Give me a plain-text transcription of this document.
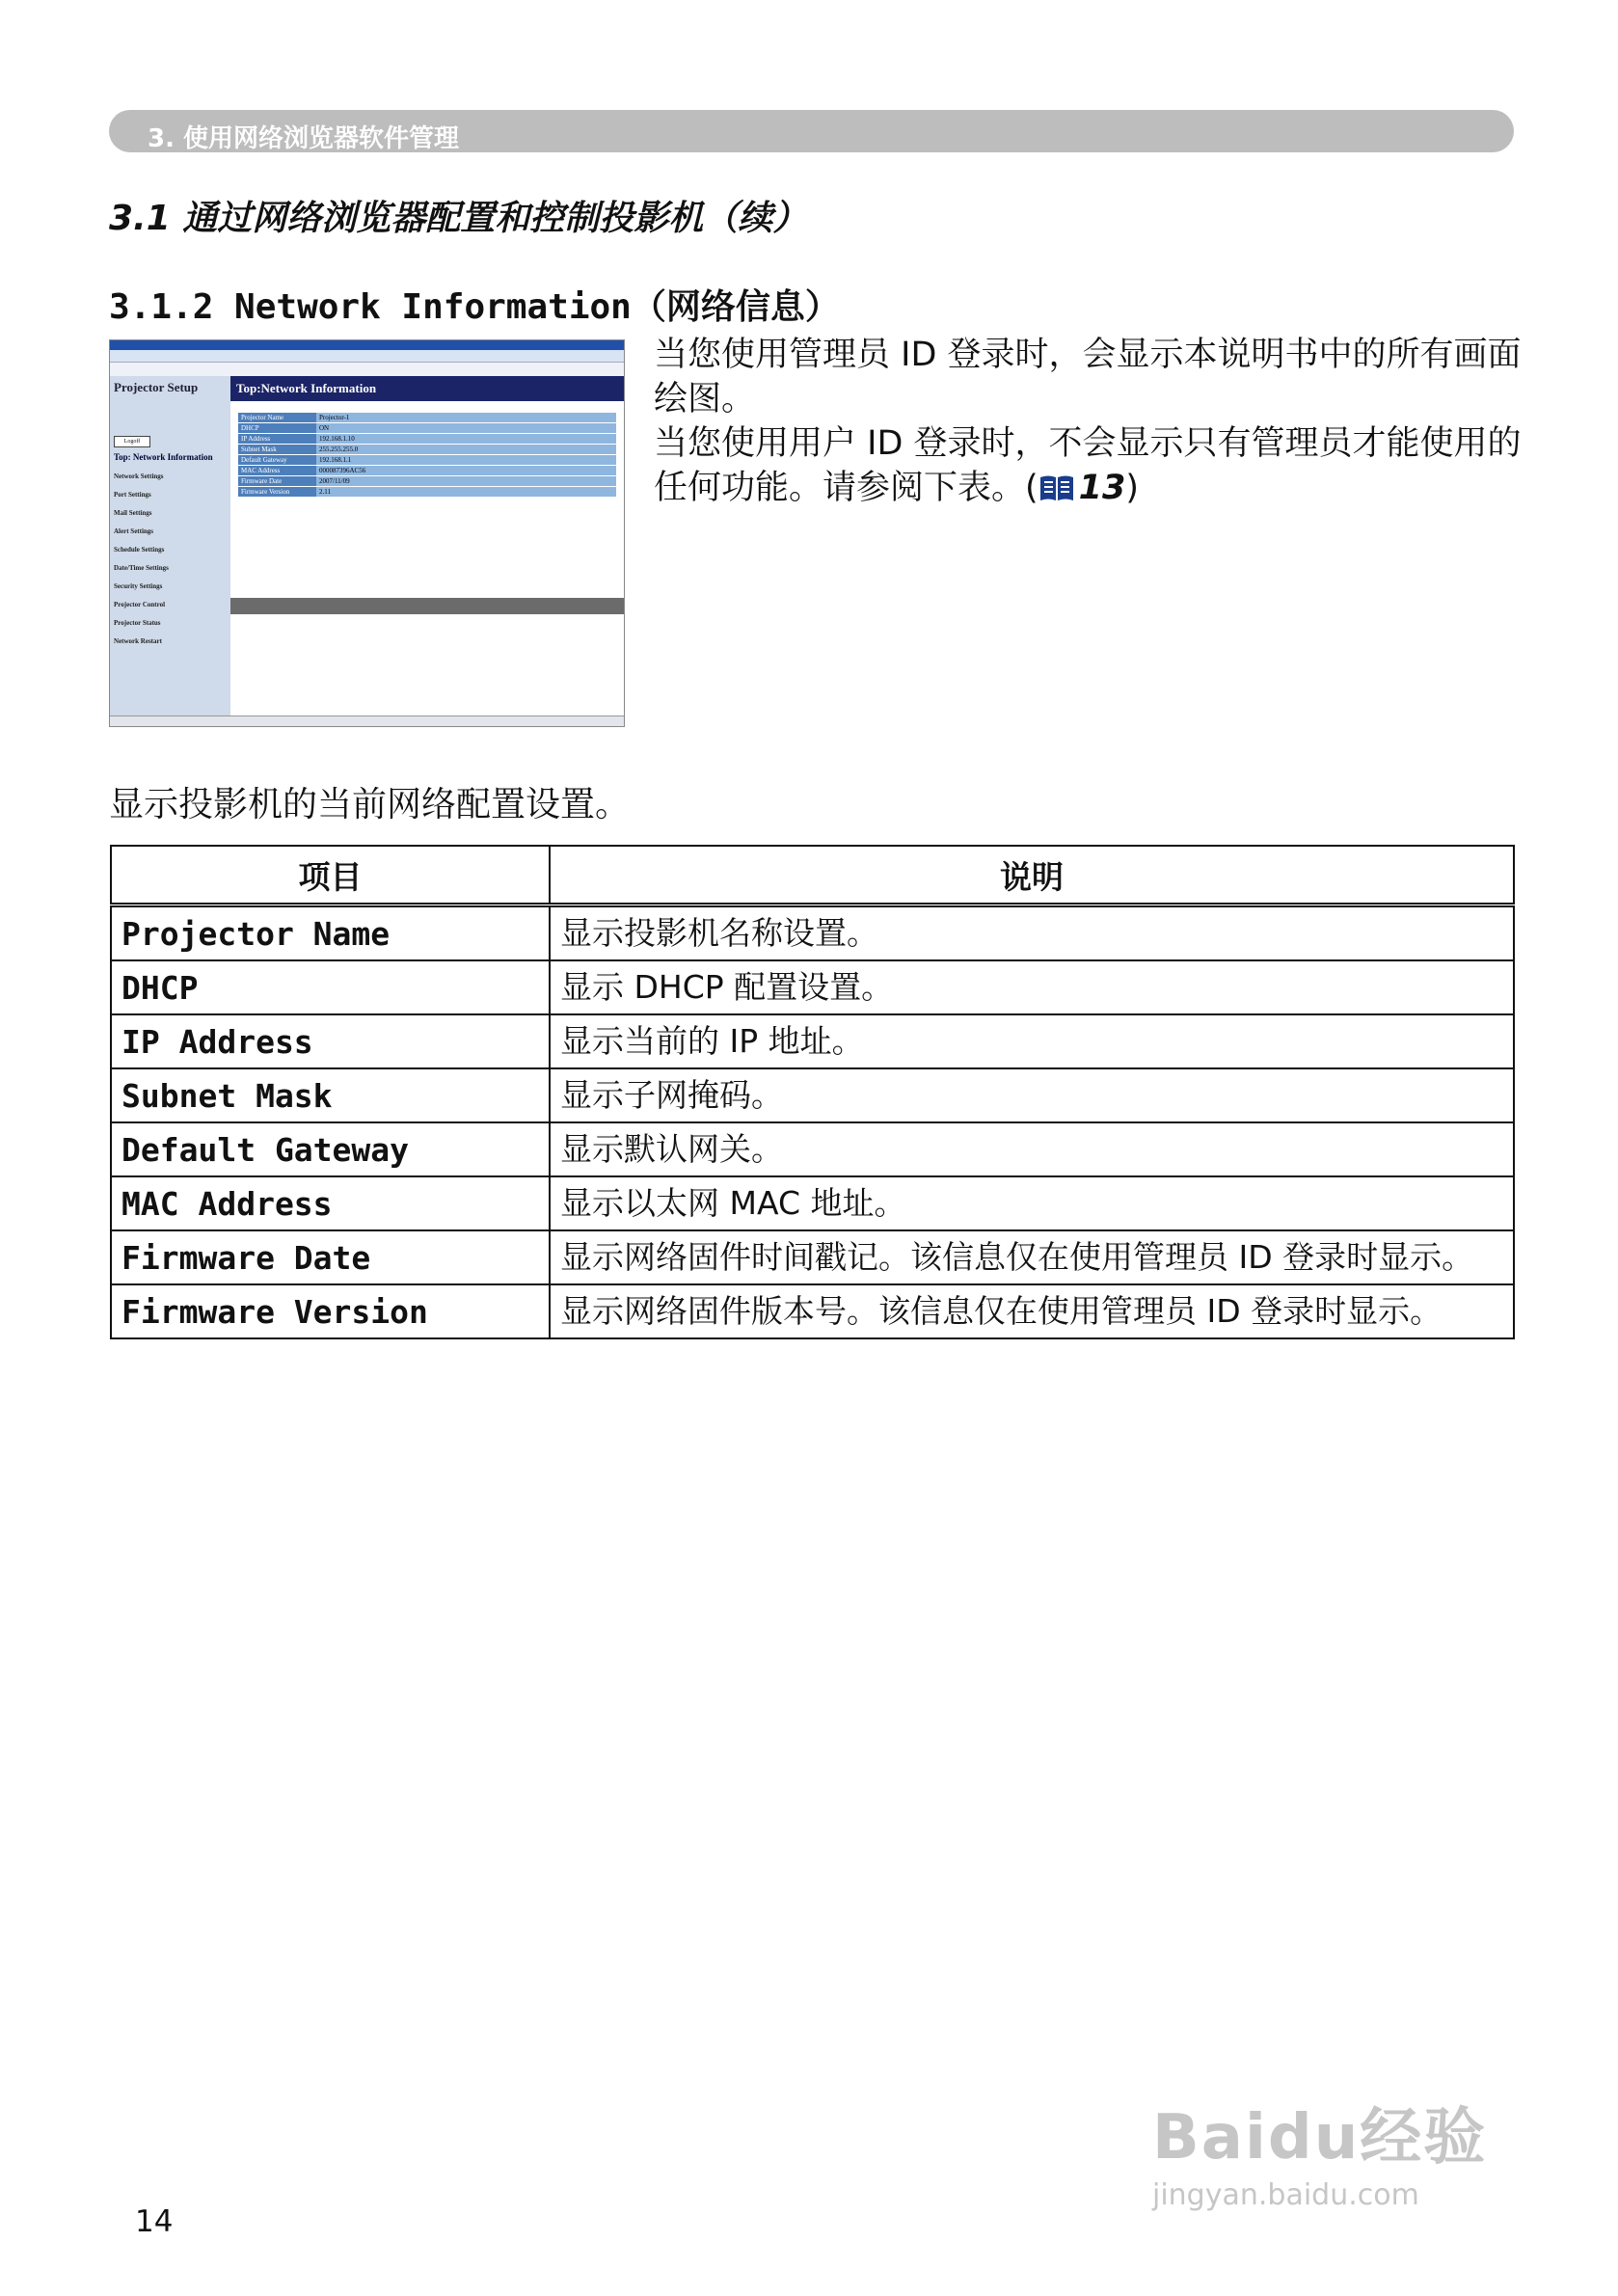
3. 使用网络浏览器软件管理
3.1 通过网络浏览器配置和控制投影机（续）
3.1.2 Network Information（网络信息）
Projector Setup
Logoff
Top: Network Information
Network Settings
Port Settings
Mail Settings
Alert Settings
Schedule Settings
Date/Time Settings
Security Settings
Projector Control
Projector Status
Network Restart
Top:Network Information
Projector Name	Projector-1
DHCP	ON
IP Address	192.168.1.10
Subnet Mask	255.255.255.0
Default Gateway	192.168.1.1
MAC Address	000087396AC56
Firmware Date	2007/11/09
Firmware Version	2.11

当您使用管理员 ID 登录时，会显示本说明书中的所有画面绘图。

当您使用用户 ID 登录时，不会显示只有管理员才能使用的任何功能。请参阅下表。( 13)

显示投影机的当前网络配置设置。
项目	说明
Projector Name	显示投影机名称设置。
DHCP	显示 DHCP 配置设置。
IP Address	显示当前的 IP 地址。
Subnet Mask	显示子网掩码。
Default Gateway	显示默认网关。
MAC Address	显示以太网 MAC 地址。
Firmware Date	显示网络固件时间戳记。该信息仅在使用管理员 ID 登录时显示。
Firmware Version	显示网络固件版本号。该信息仅在使用管理员 ID 登录时显示。
14
Baidu经验
jingyan.baidu.com
